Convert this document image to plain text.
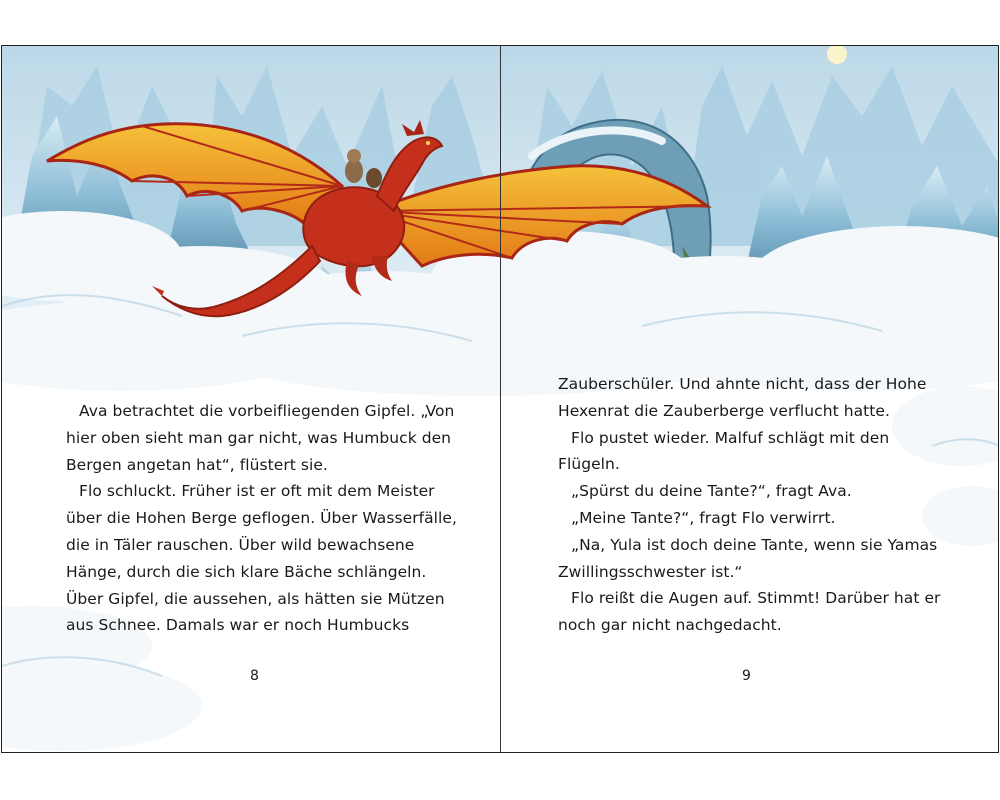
Ava betrachtet die vorbeifliegenden Gipfel. „Von
hier oben sieht man gar nicht, was Humbuck den
Bergen angetan hat“, flüstert sie.
Flo schluckt. Früher ist er oft mit dem Meister
über die Hohen Berge geflogen. Über Wasserfälle,
die in Täler rauschen. Über wild bewachsene
Hänge, durch die sich klare Bäche schlängeln.
Über Gipfel, die aussehen, als hätten sie Mützen
aus Schnee. Damals war er noch Humbucks
8
Zauberschüler. Und ahnte nicht, dass der Hohe
Hexenrat die Zauberberge verflucht hatte.
Flo pustet wieder. Malfuf schlägt mit den
Flügeln.
„Spürst du deine Tante?“, fragt Ava.
„Meine Tante?“, fragt Flo verwirrt.
„Na, Yula ist doch deine Tante, wenn sie Yamas
Zwillingsschwester ist.“
Flo reißt die Augen auf. Stimmt! Darüber hat er
noch gar nicht nachgedacht.
9
